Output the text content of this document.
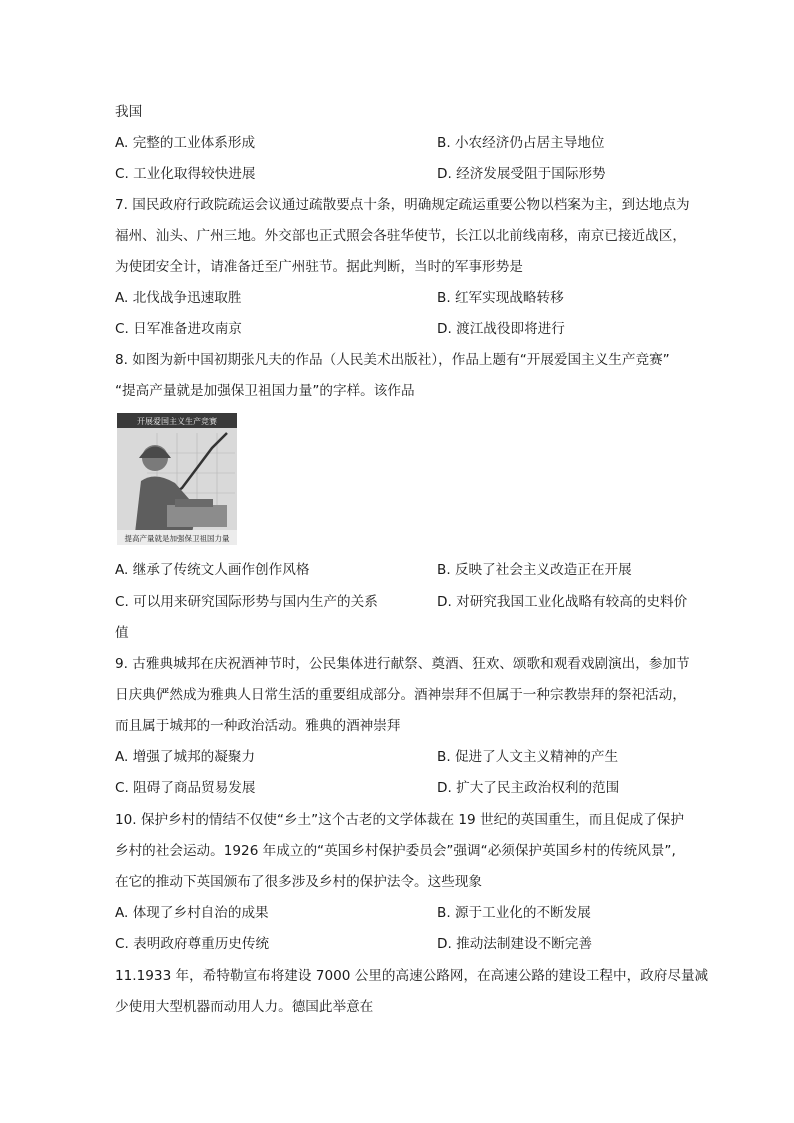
我国
A. 完整的工业体系形成	B. 小农经济仍占居主导地位
C. 工业化取得较快进展	D. 经济发展受阻于国际形势
7. 国民政府行政院疏运会议通过疏散要点十条，明确规定疏运重要公物以档案为主，到达地点为
福州、汕头、广州三地。外交部也正式照会各驻华使节，长江以北前线南移，南京已接近战区，
为使团安全计，请准备迁至广州驻节。据此判断，当时的军事形势是
A. 北伐战争迅速取胜	B. 红军实现战略转移
C. 日军准备进攻南京	D. 渡江战役即将进行
8. 如图为新中国初期张凡夫的作品（人民美术出版社），作品上题有“开展爱国主义生产竞赛”
“提高产量就是加强保卫祖国力量”的字样。该作品
开展爱国主义生产竞赛
提高产量就是加强保卫祖国力量
A. 继承了传统文人画作创作风格	B. 反映了社会主义改造正在开展
C. 可以用来研究国际形势与国内生产的关系	D. 对研究我国工业化战略有较高的史料价
值
9. 古雅典城邦在庆祝酒神节时，公民集体进行献祭、奠酒、狂欢、颂歌和观看戏剧演出，参加节
日庆典俨然成为雅典人日常生活的重要组成部分。酒神崇拜不但属于一种宗教崇拜的祭祀活动，
而且属于城邦的一种政治活动。雅典的酒神崇拜
A. 增强了城邦的凝聚力	B. 促进了人文主义精神的产生
C. 阻碍了商品贸易发展	D. 扩大了民主政治权利的范围
10. 保护乡村的情结不仅使“乡土”这个古老的文学体裁在 19 世纪的英国重生，而且促成了保护
乡村的社会运动。1926 年成立的“英国乡村保护委员会”强调“必须保护英国乡村的传统风景”,
在它的推动下英国颁布了很多涉及乡村的保护法令。这些现象
A. 体现了乡村自治的成果	B. 源于工业化的不断发展
C. 表明政府尊重历史传统	D. 推动法制建设不断完善
11.1933 年，希特勒宣布将建设 7000 公里的高速公路网，在高速公路的建设工程中，政府尽量减
少使用大型机器而动用人力。德国此举意在
